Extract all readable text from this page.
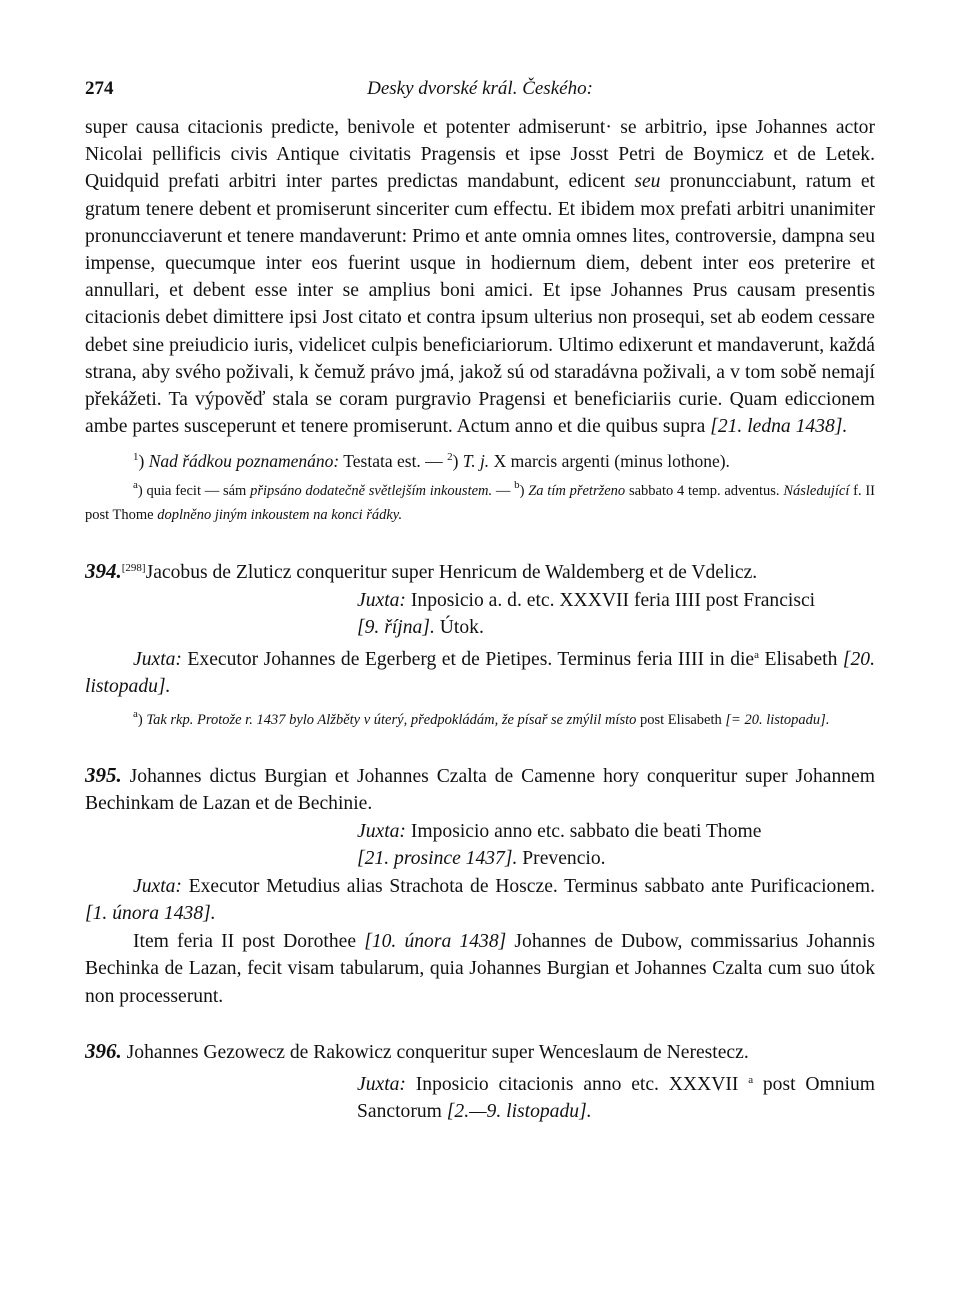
274	Desky dvorské král. Českého:

super causa citacionis predicte, benivole et potenter admiserunt· se arbitrio, ipse Johannes actor Nicolai pellificis civis Antique civitatis Pragensis et ipse Josst Petri de Boymicz et de Letek. Quidquid prefati arbitri inter partes predictas mandabunt, edicent seu pronuncciabunt, ratum et gratum tenere debent et promiserunt sinceriter cum effectu. Et ibidem mox prefati arbitri unanimiter pronuncciaverunt et tenere mandaverunt: Primo et ante omnia omnes lites, controversie, dampna seu impense, quecumque inter eos fuerint usque in hodiernum diem, debent inter eos preterire et annullari, et debent esse inter se amplius boni amici. Et ipse Johannes Prus causam presentis citacionis debet dimittere ipsi Jost citato et contra ipsum ulterius non prosequi, set ab eodem cessare debet sine preiudicio iuris, videlicet culpis beneficiariorum. Ultimo edixerunt et mandaverunt, každá strana, aby svého poživali, k čemuž právo jmá, jakož sú od staradávna poživali, a v tom sobě nemají překážeti. Ta výpověď stala se coram purgravio Pragensi et beneficiariis curie. Quam ediccionem ambe partes susceperunt et tenere promiserunt. Actum anno et die quibus supra [21. ledna 1438].

$^1$) Nad řádkou poznamenáno: Testata est. — $^2$) T. j. X marcis argenti (minus lothone).

$^a$) quia fecit — sám připsáno dodatečně světlejším inkoustem. — $^b$) Za tím přetrženo sabbato 4 temp. adventus. Následující f. II post Thome doplněno jiným inkoustem na konci řádky.

394.[298]Jacobus de Zluticz conqueritur super Henricum de Waldemberg et de Vdelicz.

Juxta: Inposicio a. d. etc. XXXVII feria IIII post Francisci
[9. října]. Útok.

Juxta: Executor Johannes de Egerberg et de Pietipes. Terminus feria IIII in die$^a$ Elisabeth [20. listopadu].

$^a$) Tak rkp. Protože r. 1437 bylo Alžběty v úterý, předpokládám, že písař se zmýlil místo post Elisabeth [= 20. listopadu].

395. Johannes dictus Burgian et Johannes Czalta de Camenne hory conqueritur super Johannem Bechinkam de Lazan et de Bechinie.

Juxta: Imposicio anno etc. sabbato die beati Thome
[21. prosince 1437]. Prevencio.

Juxta: Executor Metudius alias Strachota de Hoscze. Terminus sabbato ante Purificacionem. [1. února 1438].

Item feria II post Dorothee [10. února 1438] Johannes de Dubow, commissarius Johannis Bechinka de Lazan, fecit visam tabularum, quia Johannes Burgian et Johannes Czalta cum suo útok non processerunt.

396. Johannes Gezowecz de Rakowicz conqueritur super Wenceslaum de Nerestecz.

Juxta: Inposicio citacionis anno etc. XXXVII $^a$ post Omnium Sanctorum [2.—9. listopadu].
